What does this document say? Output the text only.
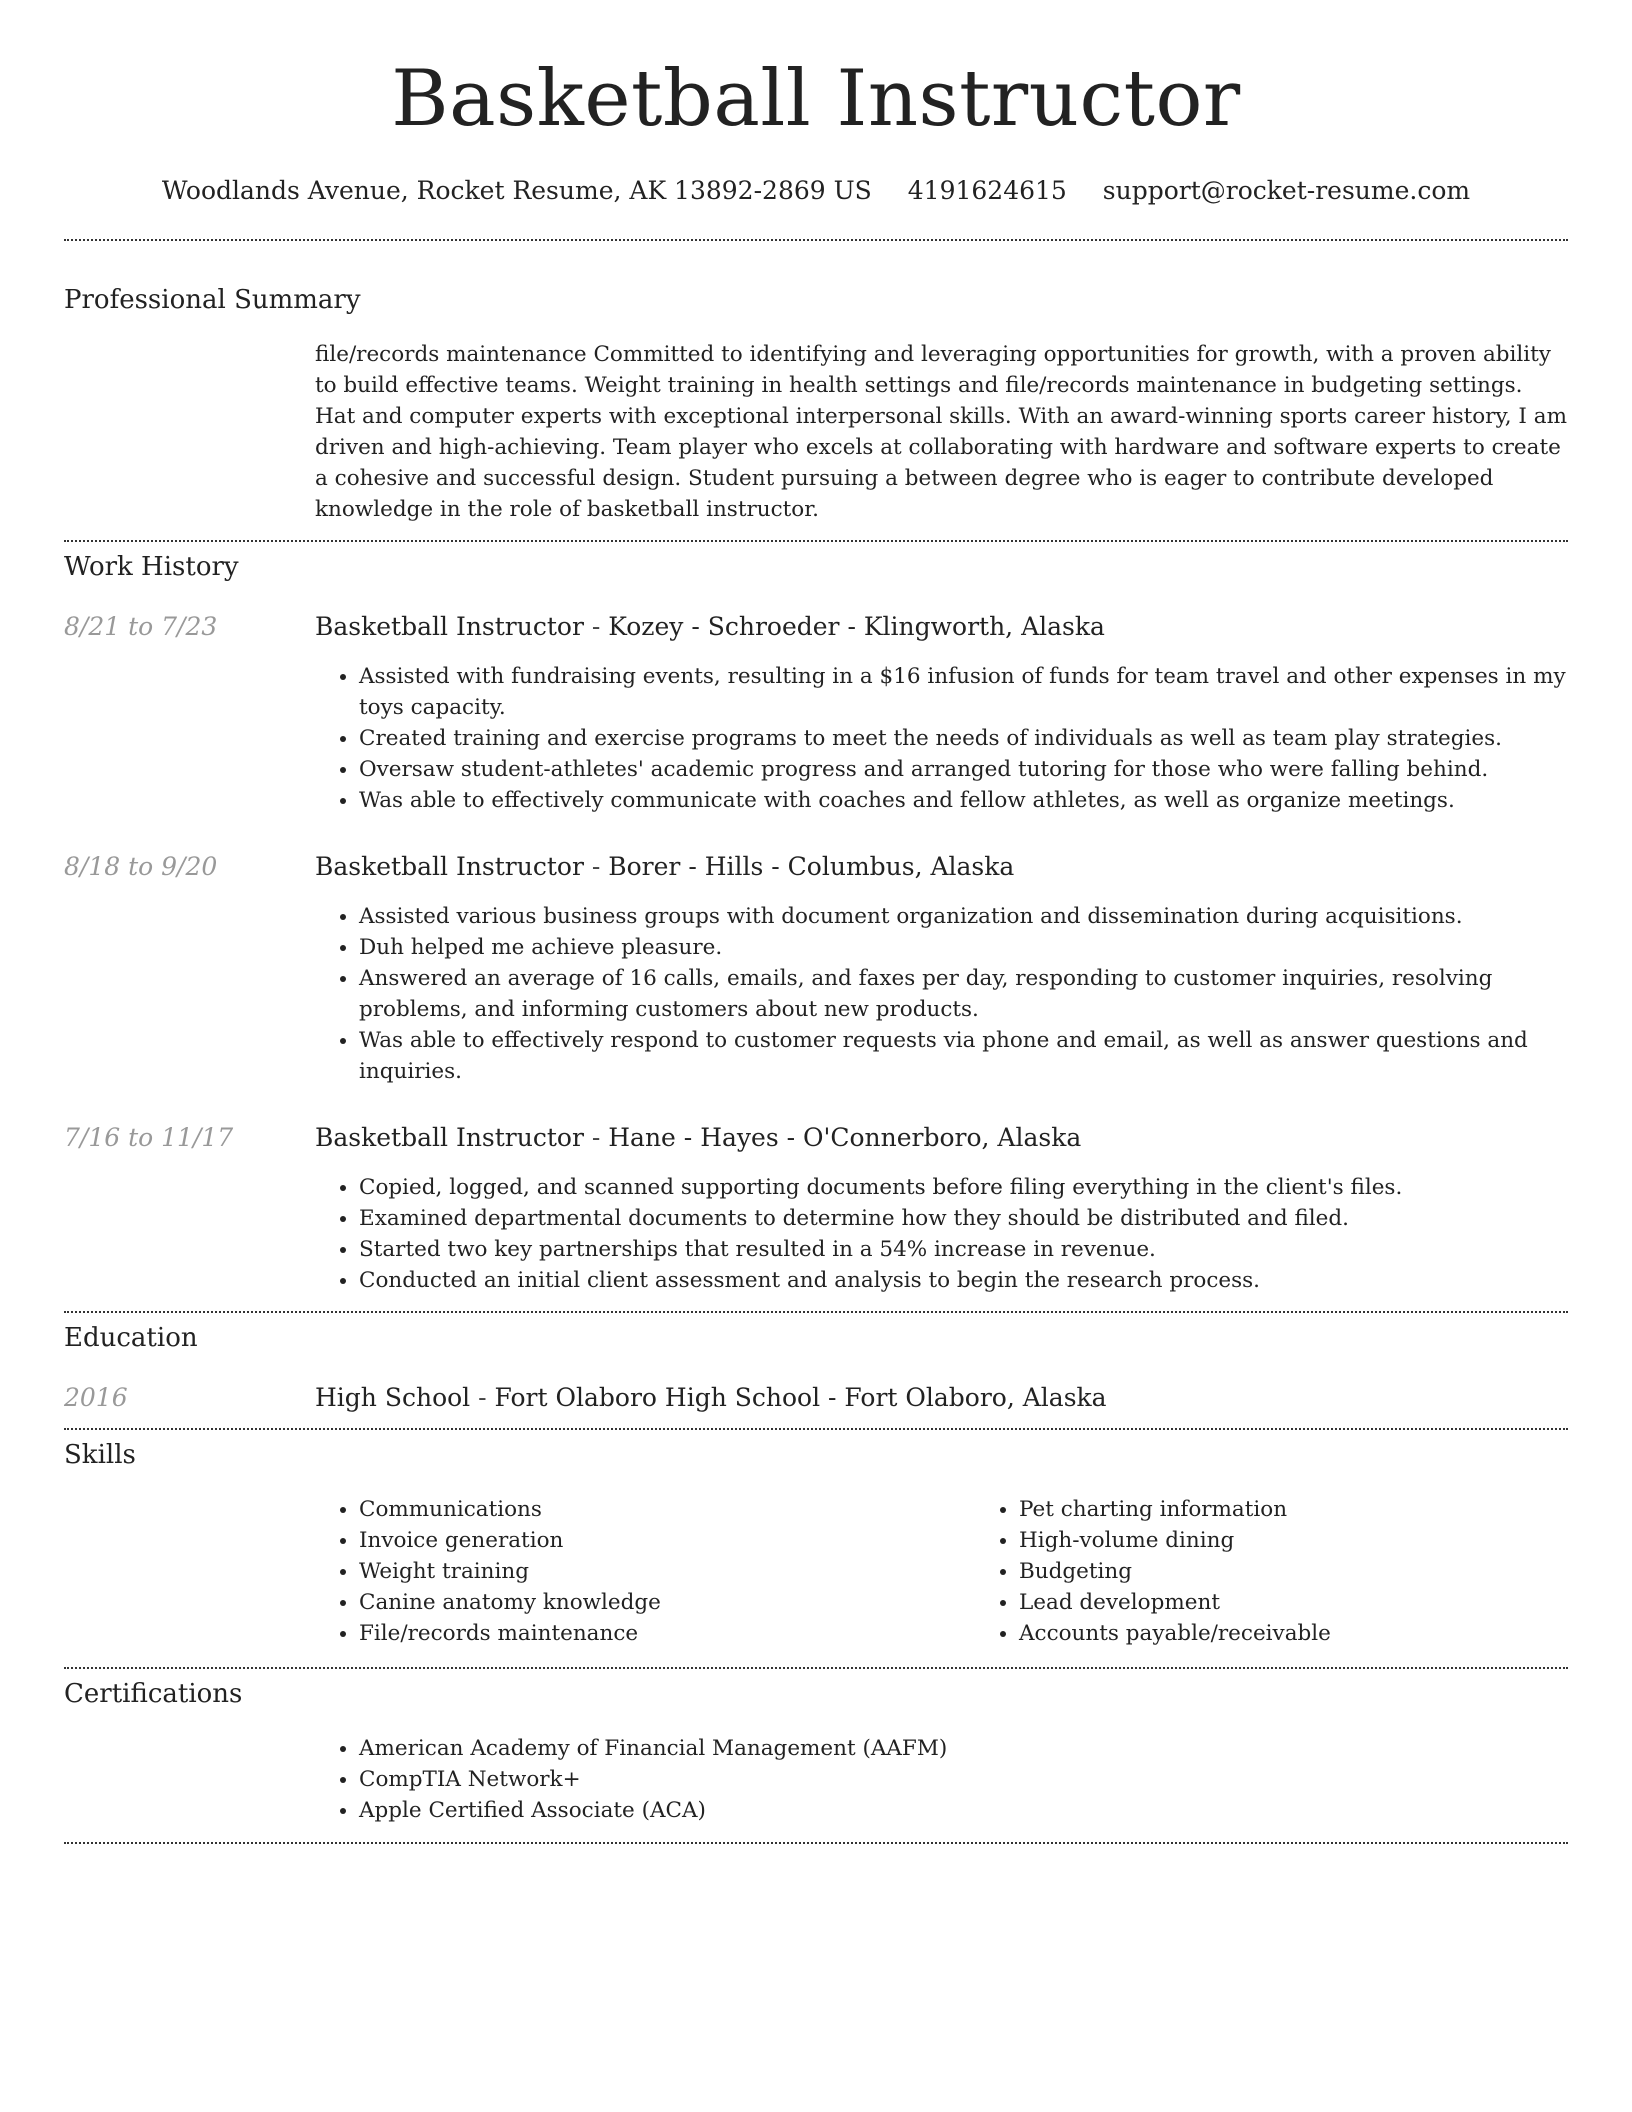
Basketball Instructor
Woodlands Avenue, Rocket Resume, AK 13892-2869 US 4191624615 support@rocket-resume.com
Professional Summary

file/records maintenance Committed to identifying and leveraging opportunities for growth, with a proven ability to build effective teams. Weight training in health settings and file/records maintenance in budgeting settings. Hat and computer experts with exceptional interpersonal skills. With an award-winning sports career history, I am driven and high-achieving. Team player who excels at collaborating with hardware and software experts to create a cohesive and successful design. Student pursuing a between degree who is eager to contribute developed knowledge in the role of basketball instructor.

Work History
8/21 to 7/23	Basketball Instructor - Kozey - Schroeder - Klingworth, Alaska
• Assisted with fundraising events, resulting in a $16 infusion of funds for team travel and other expenses in my toys capacity.
• Created training and exercise programs to meet the needs of individuals as well as team play strategies.
• Oversaw student-athletes' academic progress and arranged tutoring for those who were falling behind.
• Was able to effectively communicate with coaches and fellow athletes, as well as organize meetings.
8/18 to 9/20	Basketball Instructor - Borer - Hills - Columbus, Alaska
• Assisted various business groups with document organization and dissemination during acquisitions.
• Duh helped me achieve pleasure.
• Answered an average of 16 calls, emails, and faxes per day, responding to customer inquiries, resolving problems, and informing customers about new products.
• Was able to effectively respond to customer requests via phone and email, as well as answer questions and inquiries.
7/16 to 11/17	Basketball Instructor - Hane - Hayes - O'Connerboro, Alaska
• Copied, logged, and scanned supporting documents before filing everything in the client's files.
• Examined departmental documents to determine how they should be distributed and filed.
• Started two key partnerships that resulted in a 54% increase in revenue.
• Conducted an initial client assessment and analysis to begin the research process.
Education
2016	High School - Fort Olaboro High School - Fort Olaboro, Alaska
Skills
• Communications
• Invoice generation
• Weight training
• Canine anatomy knowledge
• File/records maintenance
• Pet charting information
• High-volume dining
• Budgeting
• Lead development
• Accounts payable/receivable
Certifications
• American Academy of Financial Management (AAFM)
• CompTIA Network+
• Apple Certified Associate (ACA)
